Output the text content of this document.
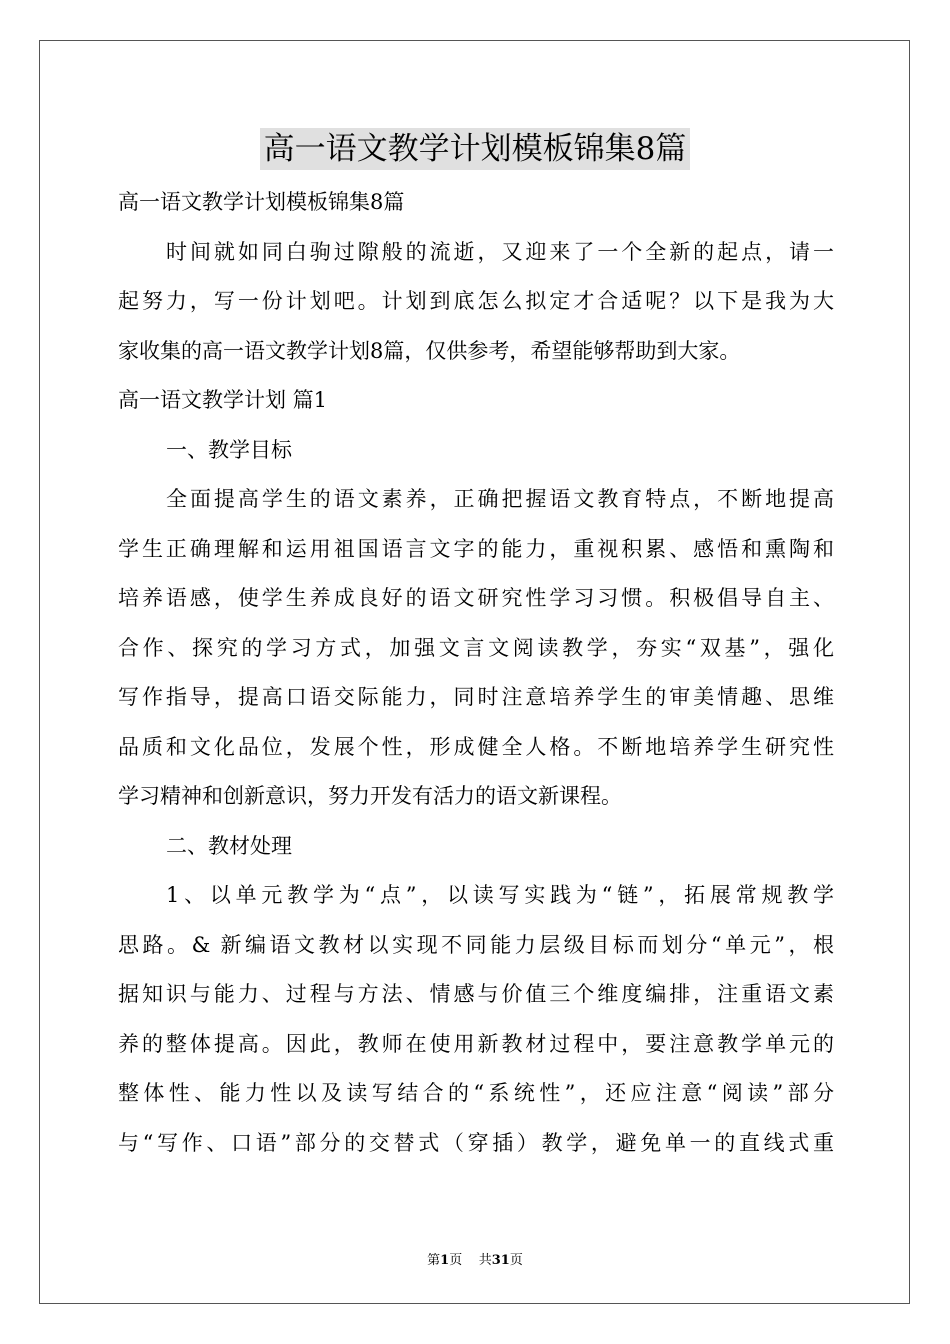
高一语文教学计划模板锦集8篇
高一语文教学计划模板锦集8篇
时间就如同白驹过隙般的流逝，又迎来了一个全新的起点，请一
起努力，写一份计划吧。计划到底怎么拟定才合适呢？以下是我为大
家收集的高一语文教学计划8篇，仅供参考，希望能够帮助到大家。
高一语文教学计划 篇1
一、教学目标
全面提高学生的语文素养，正确把握语文教育特点，不断地提高
学生正确理解和运用祖国语言文字的能力，重视积累、感悟和熏陶和
培养语感，使学生养成良好的语文研究性学习习惯。积极倡导自主、
合作、探究的学习方式，加强文言文阅读教学，夯实“双基”，强化
写作指导，提高口语交际能力，同时注意培养学生的审美情趣、思维
品质和文化品位，发展个性，形成健全人格。不断地培养学生研究性
学习精神和创新意识，努力开发有活力的语文新课程。
二、教材处理
1、以单元教学为“点”，以读写实践为“链”，拓展常规教学
思路。& 新编语文教材以实现不同能力层级目标而划分“单元”，根
据知识与能力、过程与方法、情感与价值三个维度编排，注重语文素
养的整体提高。因此，教师在使用新教材过程中，要注意教学单元的
整体性、能力性以及读写结合的“系统性”，还应注意“阅读”部分
与“写作、口语”部分的交替式（穿插）教学，避免单一的直线式重
第1页    共31页
